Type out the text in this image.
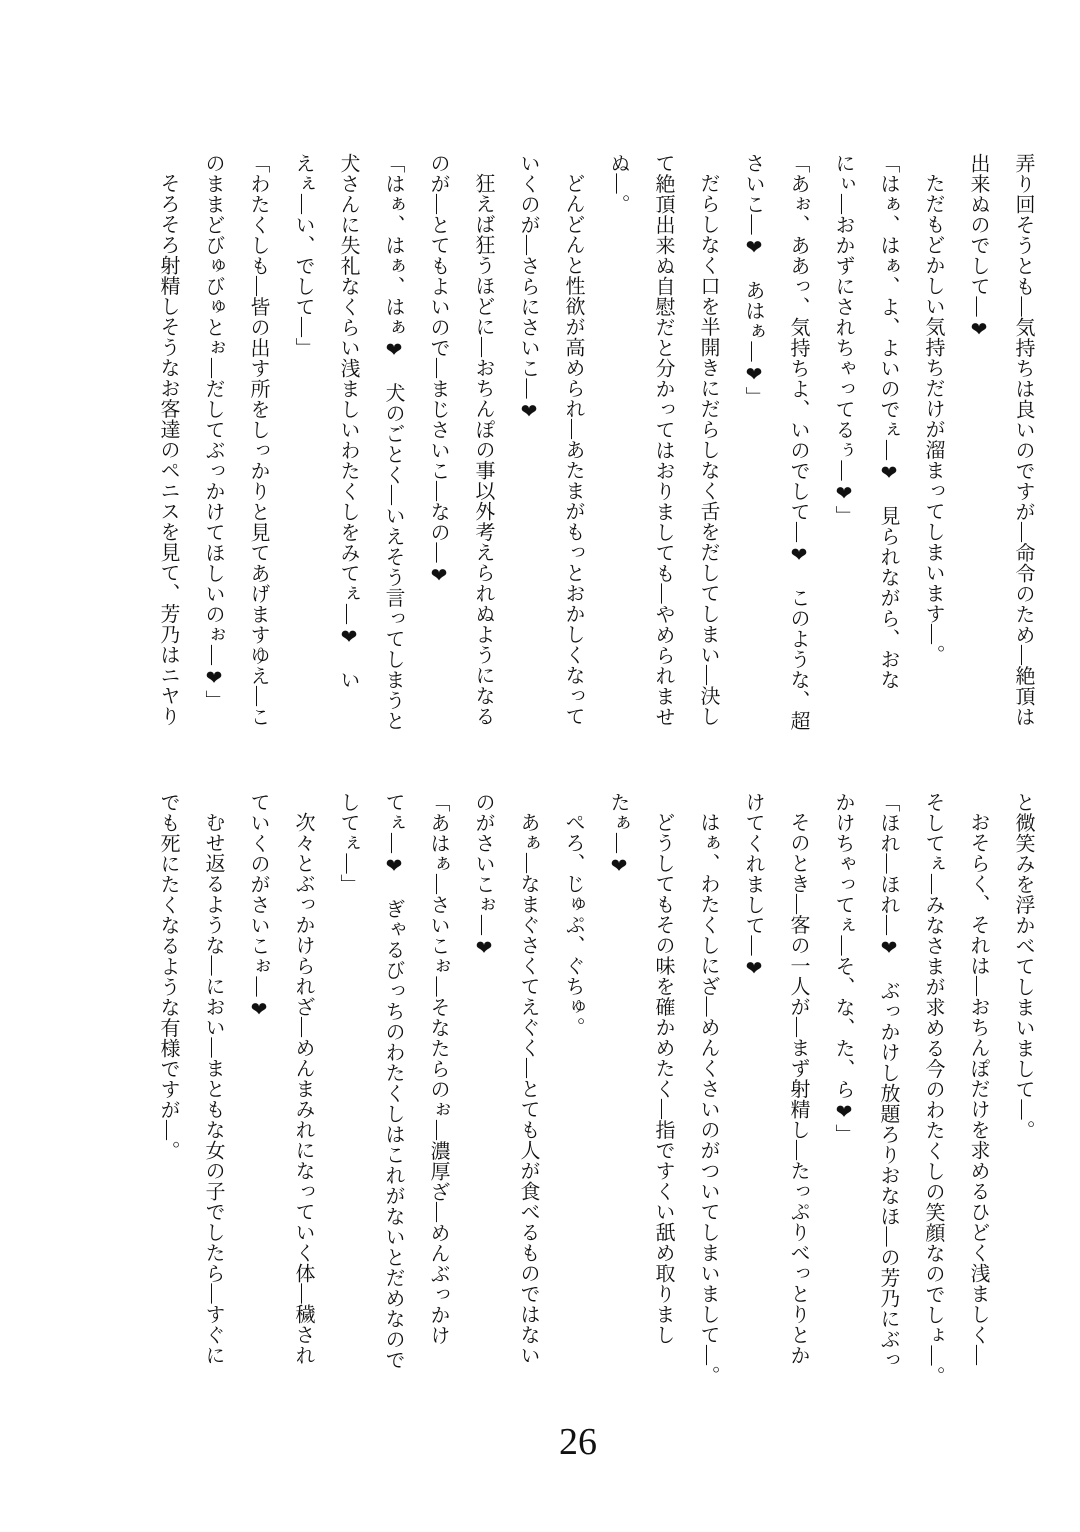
弄り回そうとも―気持ちは良いのですが―命令のため―絶頂は
出来ぬのでして―❤
ただもどかしい気持ちだけが溜まってしまいます―。
「はぁ、はぁ、よ、よいのでぇ―❤　見られながら、おな
にぃ―おかずにされちゃってるぅ―❤」
「あぉ、ああっ、気持ちよ、いのでして―❤　このような、超
さいこ―❤　あはぁ―❤」
だらしなく口を半開きにだらしなく舌をだしてしまい―決し
て絶頂出来ぬ自慰だと分かってはおりましても―やめられませ
ぬ―。
どんどんと性欲が高められ―あたまがもっとおかしくなって
いくのが―さらにさいこ―❤
狂えば狂うほどに―おちんぽの事以外考えられぬようになる
のが―とてもよいので―まじさいこ―なの―❤
「はぁ、はぁ、はぁ❤　犬のごとく―いえそう言ってしまうと
犬さんに失礼なくらい浅ましいわたくしをみてぇ―❤　い
えぇ―い、でして―」
「わたくしも―皆の出す所をしっかりと見てあげますゆえ―こ
のままどびゅびゅとぉ―だしてぶっかけてほしいのぉ―❤」
そろそろ射精しそうなお客達のペニスを見て、芳乃はニヤり
と微笑みを浮かべてしまいまして―。
おそらく、それは―おちんぽだけを求めるひどく浅ましく―
そしてぇ―みなさまが求める今のわたくしの笑顔なのでしょ―。
「ほれ―ほれ―❤　ぶっかけし放題ろりおなほ―の芳乃にぶっ
かけちゃってぇ―そ、な、た、ら❤」
そのとき―客の一人が―まず射精し―たっぷりべっとりとか
けてくれまして―❤
はぁ、わたくしにざ―めんくさいのがついてしまいまして―。
どうしてもその味を確かめたく―指ですくい舐め取りまし
たぁ―❤
ぺろ、じゅぷ、ぐちゅ。
あぁ―なまぐさくてえぐく―とても人が食べるものではない
のがさいこぉ―❤
「あはぁ―さいこぉ―そなたらのぉ―濃厚ざ―めんぶっかけ
てぇ―❤　ぎゃるびっちのわたくしはこれがないとだめなので
してぇ―」
次々とぶっかけられざ―めんまみれになっていく体―穢され
ていくのがさいこぉ―❤
むせ返るような―におい―まともな女の子でしたら―すぐに
でも死にたくなるような有様ですが―。
26
